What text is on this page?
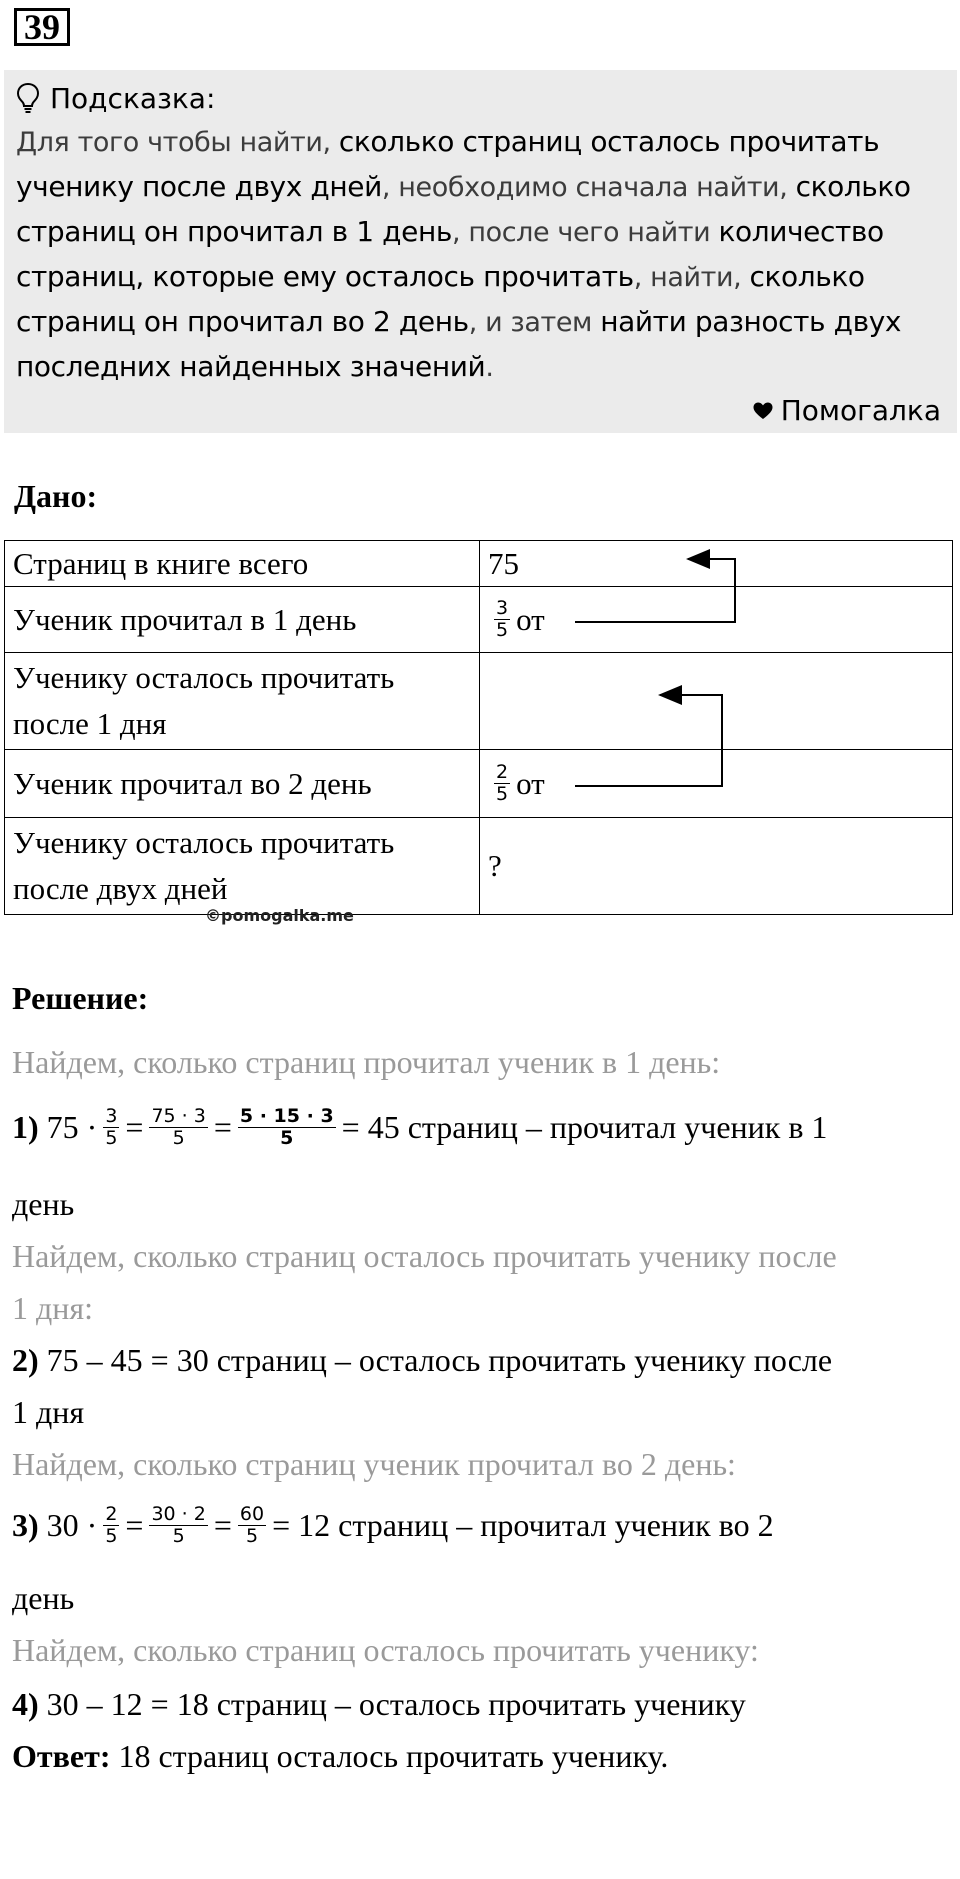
39
Подсказка:
Для того чтобы найти, сколько страниц осталось прочитать ученику после двух дней, необходимо сначала найти, сколько страниц он прочитал в 1 день, после чего найти количество страниц, которые ему осталось прочитать, найти, сколько страниц он прочитал во 2 день, и затем найти разность двух последних найденных значений.
Помогалка
Дано:
Страниц в книге всего	75
Ученик прочитал в 1 день	$\frac{3}{5}$ от

Ученику осталось прочитать
после 1 дня	

Ученик прочитал во 2 день	$\frac{2}{5}$ от

Ученику осталось прочитать
после двух дней	?
©pomogalka.me
Решение:
Найдем, сколько страниц прочитал ученик в 1 день:
1) $75 \cdot \frac{3}{5} = \frac{75 \cdot 3}{5} = \frac{5 \cdot 15 \cdot 3}{5} = 45$ страниц – прочитал ученик в 1
день
Найдем, сколько страниц осталось прочитать ученику после
1 дня:
2) 75 – 45 = 30 страниц – осталось прочитать ученику после
1 дня
Найдем, сколько страниц ученик прочитал во 2 день:
3) $30 \cdot \frac{2}{5} = \frac{30 \cdot 2}{5} = \frac{60}{5} = 12$ страниц – прочитал ученик во 2
день
Найдем, сколько страниц осталось прочитать ученику:
4) 30 – 12 = 18 страниц – осталось прочитать ученику
Ответ: 18 страниц осталось прочитать ученику.
